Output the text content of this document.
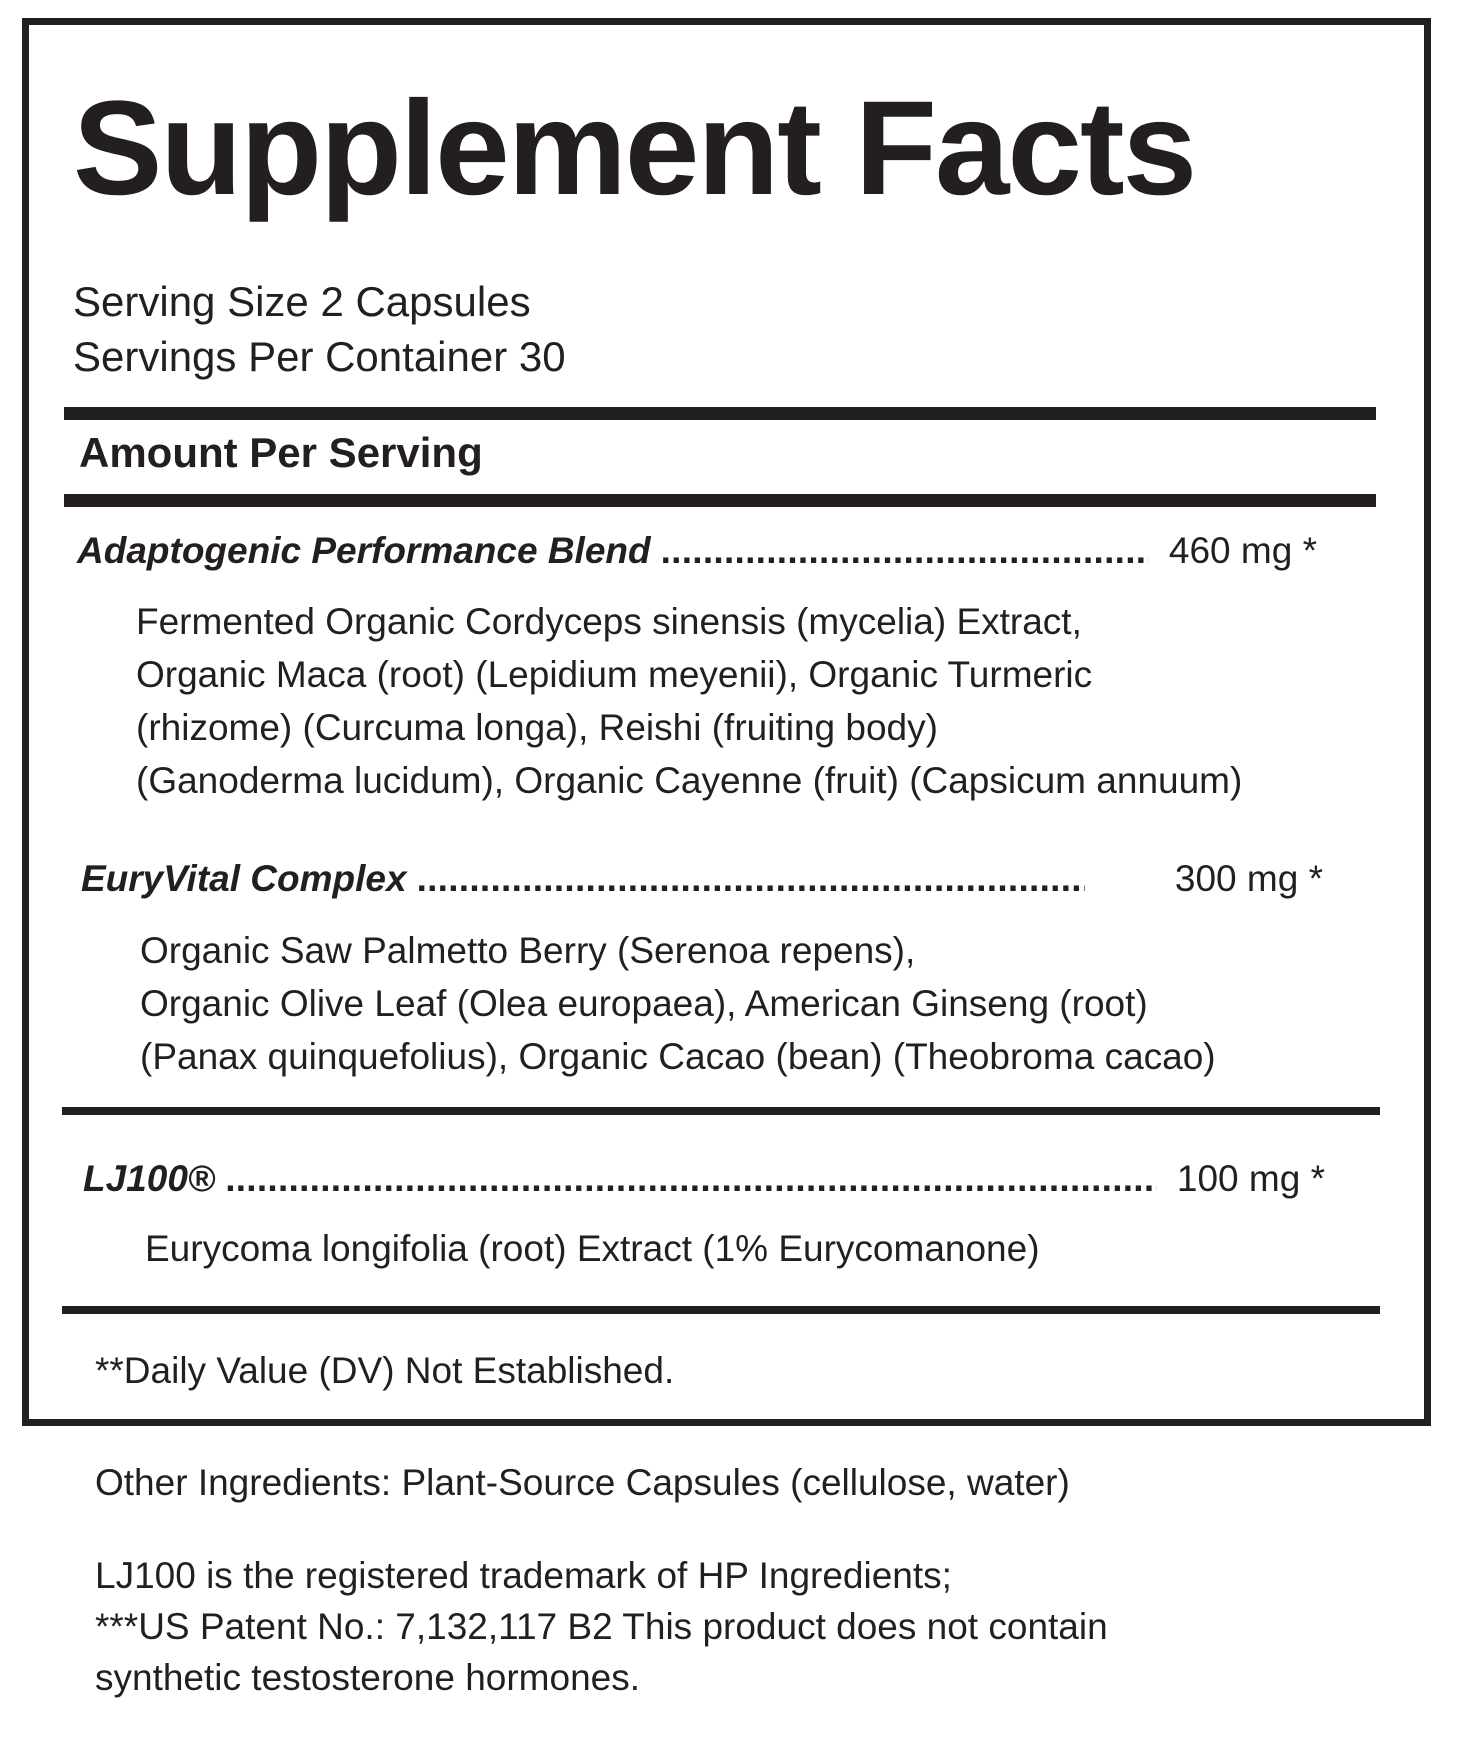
Supplement Facts
Serving Size 2 Capsules
Servings Per Container 30
Amount Per Serving
Adaptogenic Performance Blend . . .	460 mg *
Fermented Organic Cordyceps sinensis (mycelia) Extract,
Organic Maca (root) (Lepidium meyenii), Organic Turmeric
(rhizome) (Curcuma longa), Reishi (fruiting body)
(Ganoderma lucidum), Organic Cayenne (fruit) (Capsicum annuum)
EuryVital Complex . . .	300 mg *
Organic Saw Palmetto Berry (Serenoa repens),
Organic Olive Leaf (Olea europaea), American Ginseng (root)
(Panax quinquefolius), Organic Cacao (bean) (Theobroma cacao)
LJ100® . . .	100 mg *
Eurycoma longifolia (root) Extract (1% Eurycomanone)
**Daily Value (DV) Not Established.
Other Ingredients: Plant-Source Capsules (cellulose, water)
LJ100 is the registered trademark of HP Ingredients;
***US Patent No.: 7,132,117 B2 This product does not contain
synthetic testosterone hormones.
